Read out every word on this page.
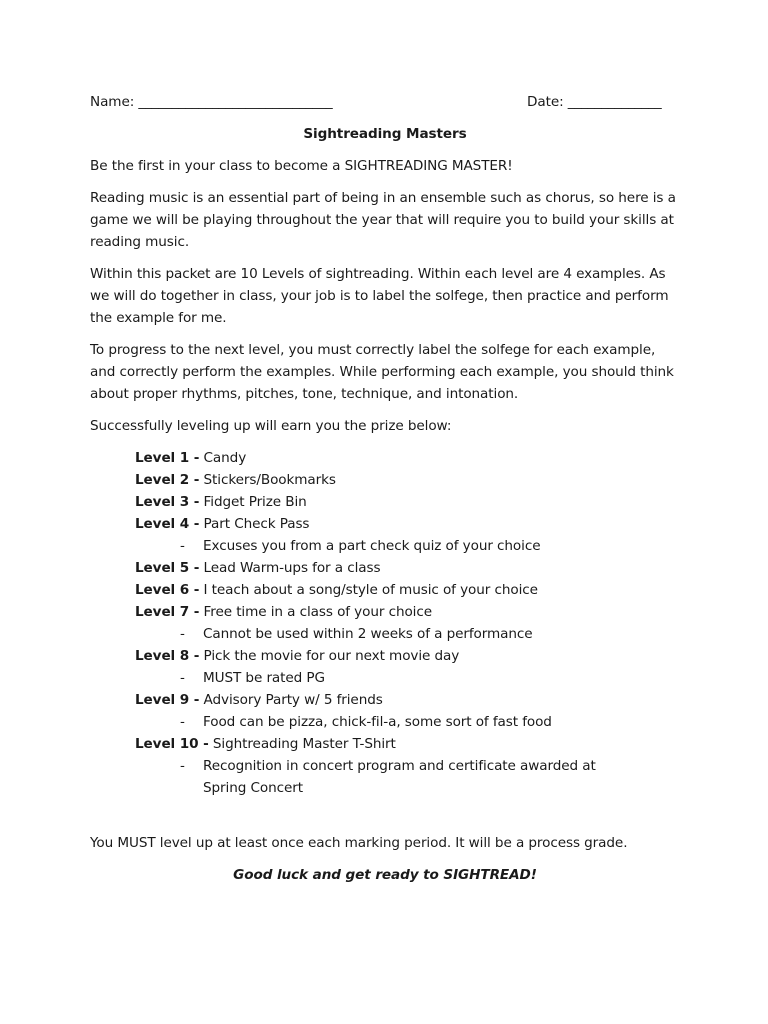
Name: _____________________________	Date: ______________
Sightreading Masters

Be the first in your class to become a SIGHTREADING MASTER!

Reading music is an essential part of being in an ensemble such as chorus, so here is a game we will be playing throughout the year that will require you to build your skills at reading music.

Within this packet are 10 Levels of sightreading. Within each level are 4 examples. As we will do together in class, your job is to label the solfege, then practice and perform the example for me.

To progress to the next level, you must correctly label the solfege for each example, and correctly perform the examples. While performing each example, you should think about proper rhythms, pitches, tone, technique, and intonation.

Successfully leveling up will earn you the prize below:

Level 1 - Candy
Level 2 - Stickers/Bookmarks
Level 3 - Fidget Prize Bin
Level 4 - Part Check Pass
- Excuses you from a part check quiz of your choice
Level 5 - Lead Warm-ups for a class
Level 6 - I teach about a song/style of music of your choice
Level 7 - Free time in a class of your choice
- Cannot be used within 2 weeks of a performance
Level 8 - Pick the movie for our next movie day
- MUST be rated PG
Level 9 - Advisory Party w/ 5 friends
- Food can be pizza, chick-fil-a, some sort of fast food
Level 10 - Sightreading Master T-Shirt
- Recognition in concert program and certificate awarded at Spring Concert

You MUST level up at least once each marking period. It will be a process grade.

Good luck and get ready to SIGHTREAD!
